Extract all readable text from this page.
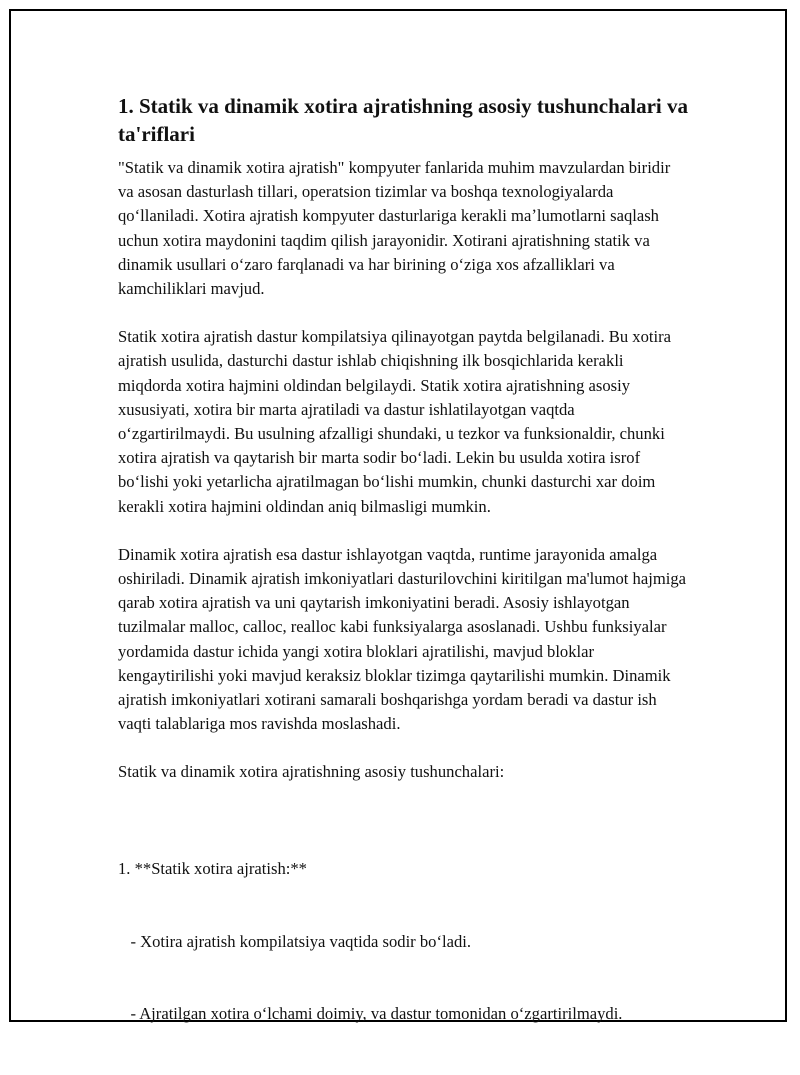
1. Statik va dinamik xotira ajratishning asosiy tushunchalari va ta'riflari

"Statik va dinamik xotira ajratish" kompyuter fanlarida muhim mavzulardan biridir va asosan dasturlash tillari, operatsion tizimlar va boshqa texnologiyalarda qoʻllaniladi. Xotira ajratish kompyuter dasturlariga kerakli maʼlumotlarni saqlash uchun xotira maydonini taqdim qilish jarayonidir. Xotirani ajratishning statik va dinamik usullari oʻzaro farqlanadi va har birining oʻziga xos afzalliklari va kamchiliklari mavjud.

Statik xotira ajratish dastur kompilatsiya qilinayotgan paytda belgilanadi. Bu xotira ajratish usulida, dasturchi dastur ishlab chiqishning ilk bosqichlarida kerakli miqdorda xotira hajmini oldindan belgilaydi. Statik xotira ajratishning asosiy xususiyati, xotira bir marta ajratiladi va dastur ishlatilayotgan vaqtda oʻzgartirilmaydi. Bu usulning afzalligi shundaki, u tezkor va funksionaldir, chunki xotira ajratish va qaytarish bir marta sodir boʻladi. Lekin bu usulda xotira isrof boʻlishi yoki yetarlicha ajratilmagan boʻlishi mumkin, chunki dasturchi xar doim kerakli xotira hajmini oldindan aniq bilmasligi mumkin.

Dinamik xotira ajratish esa dastur ishlayotgan vaqtda, runtime jarayonida amalga oshiriladi. Dinamik ajratish imkoniyatlari dasturilovchini kiritilgan ma'lumot hajmiga qarab xotira ajratish va uni qaytarish imkoniyatini beradi. Asosiy ishlayotgan tuzilmalar malloc, calloc, realloc kabi funksiyalarga asoslanadi. Ushbu funksiyalar yordamida dastur ichida yangi xotira bloklari ajratilishi, mavjud bloklar kengaytirilishi yoki mavjud keraksiz bloklar tizimga qaytarilishi mumkin. Dinamik ajratish imkoniyatlari xotirani samarali boshqarishga yordam beradi va dastur ish vaqti talablariga mos ravishda moslashadi.

Statik va dinamik xotira ajratishning asosiy tushunchalari:

1. **Statik xotira ajratish:**

- Xotira ajratish kompilatsiya vaqtida sodir boʻladi.

- Ajratilgan xotira oʻlchami doimiy, va dastur tomonidan oʻzgartirilmaydi.
